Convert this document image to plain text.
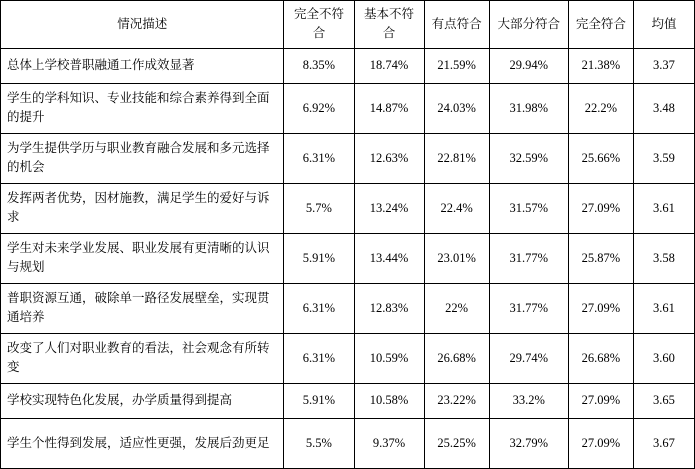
情况描述	完全不符合	基本不符合	有点符合	大部分符合	完全符合	均值
总体上学校普职融通工作成效显著	8.35%	18.74%	21.59%	29.94%	21.38%	3.37
学生的学科知识、专业技能和综合素养得到全面的提升	6.92%	14.87%	24.03%	31.98%	22.2%	3.48
为学生提供学历与职业教育融合发展和多元选择的机会	6.31%	12.63%	22.81%	32.59%	25.66%	3.59
发挥两者优势，因材施教，满足学生的爱好与诉求	5.7%	13.24%	22.4%	31.57%	27.09%	3.61
学生对未来学业发展、职业发展有更清晰的认识与规划	5.91%	13.44%	23.01%	31.77%	25.87%	3.58
普职资源互通，破除单一路径发展壁垒，实现贯通培养	6.31%	12.83%	22%	31.77%	27.09%	3.61
改变了人们对职业教育的看法，社会观念有所转变	6.31%	10.59%	26.68%	29.74%	26.68%	3.60
学校实现特色化发展，办学质量得到提高	5.91%	10.58%	23.22%	33.2%	27.09%	3.65
学生个性得到发展，适应性更强，发展后劲更足	5.5%	9.37%	25.25%	32.79%	27.09%	3.67
